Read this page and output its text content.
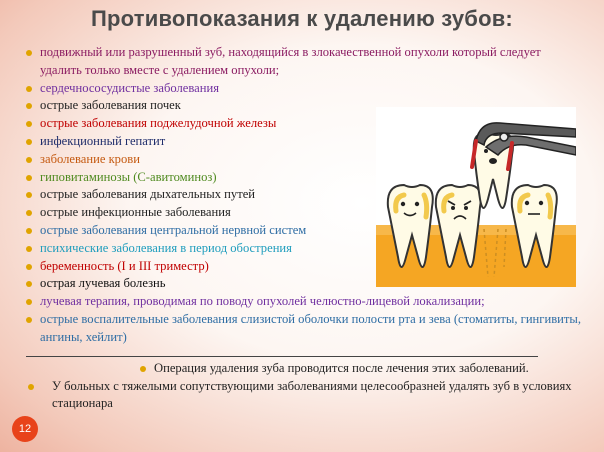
Противопоказания к удалению зубов:
подвижный или разрушенный зуб, находящийся в злокачественной опухоли который следует удалить только вместе с удалением опухоли;
сердечнососудистые заболевания
острые заболевания почек
острые заболевания поджелудочной железы
инфекционный гепатит
заболевание крови
гиповитаминозы (С-авитоминоз)
острые заболевания дыхательных путей
острые инфекционные заболевания
острые заболевания центральной нервной систем
психические заболевания в период обострения
беременность (I и III триместр)
острая лучевая болезнь
лучевая терапия, проводимая по поводу опухолей челюстно-лицевой локализации;
острые воспалительные заболевания слизистой оболочки полости рта и зева (стоматиты, гингивиты, ангины, хейлит)
Операция удаления зуба проводится после лечения этих заболеваний.
У больных с тяжелыми сопутствующими заболеваниями целесообразней удалять зуб в условиях стационара
12
